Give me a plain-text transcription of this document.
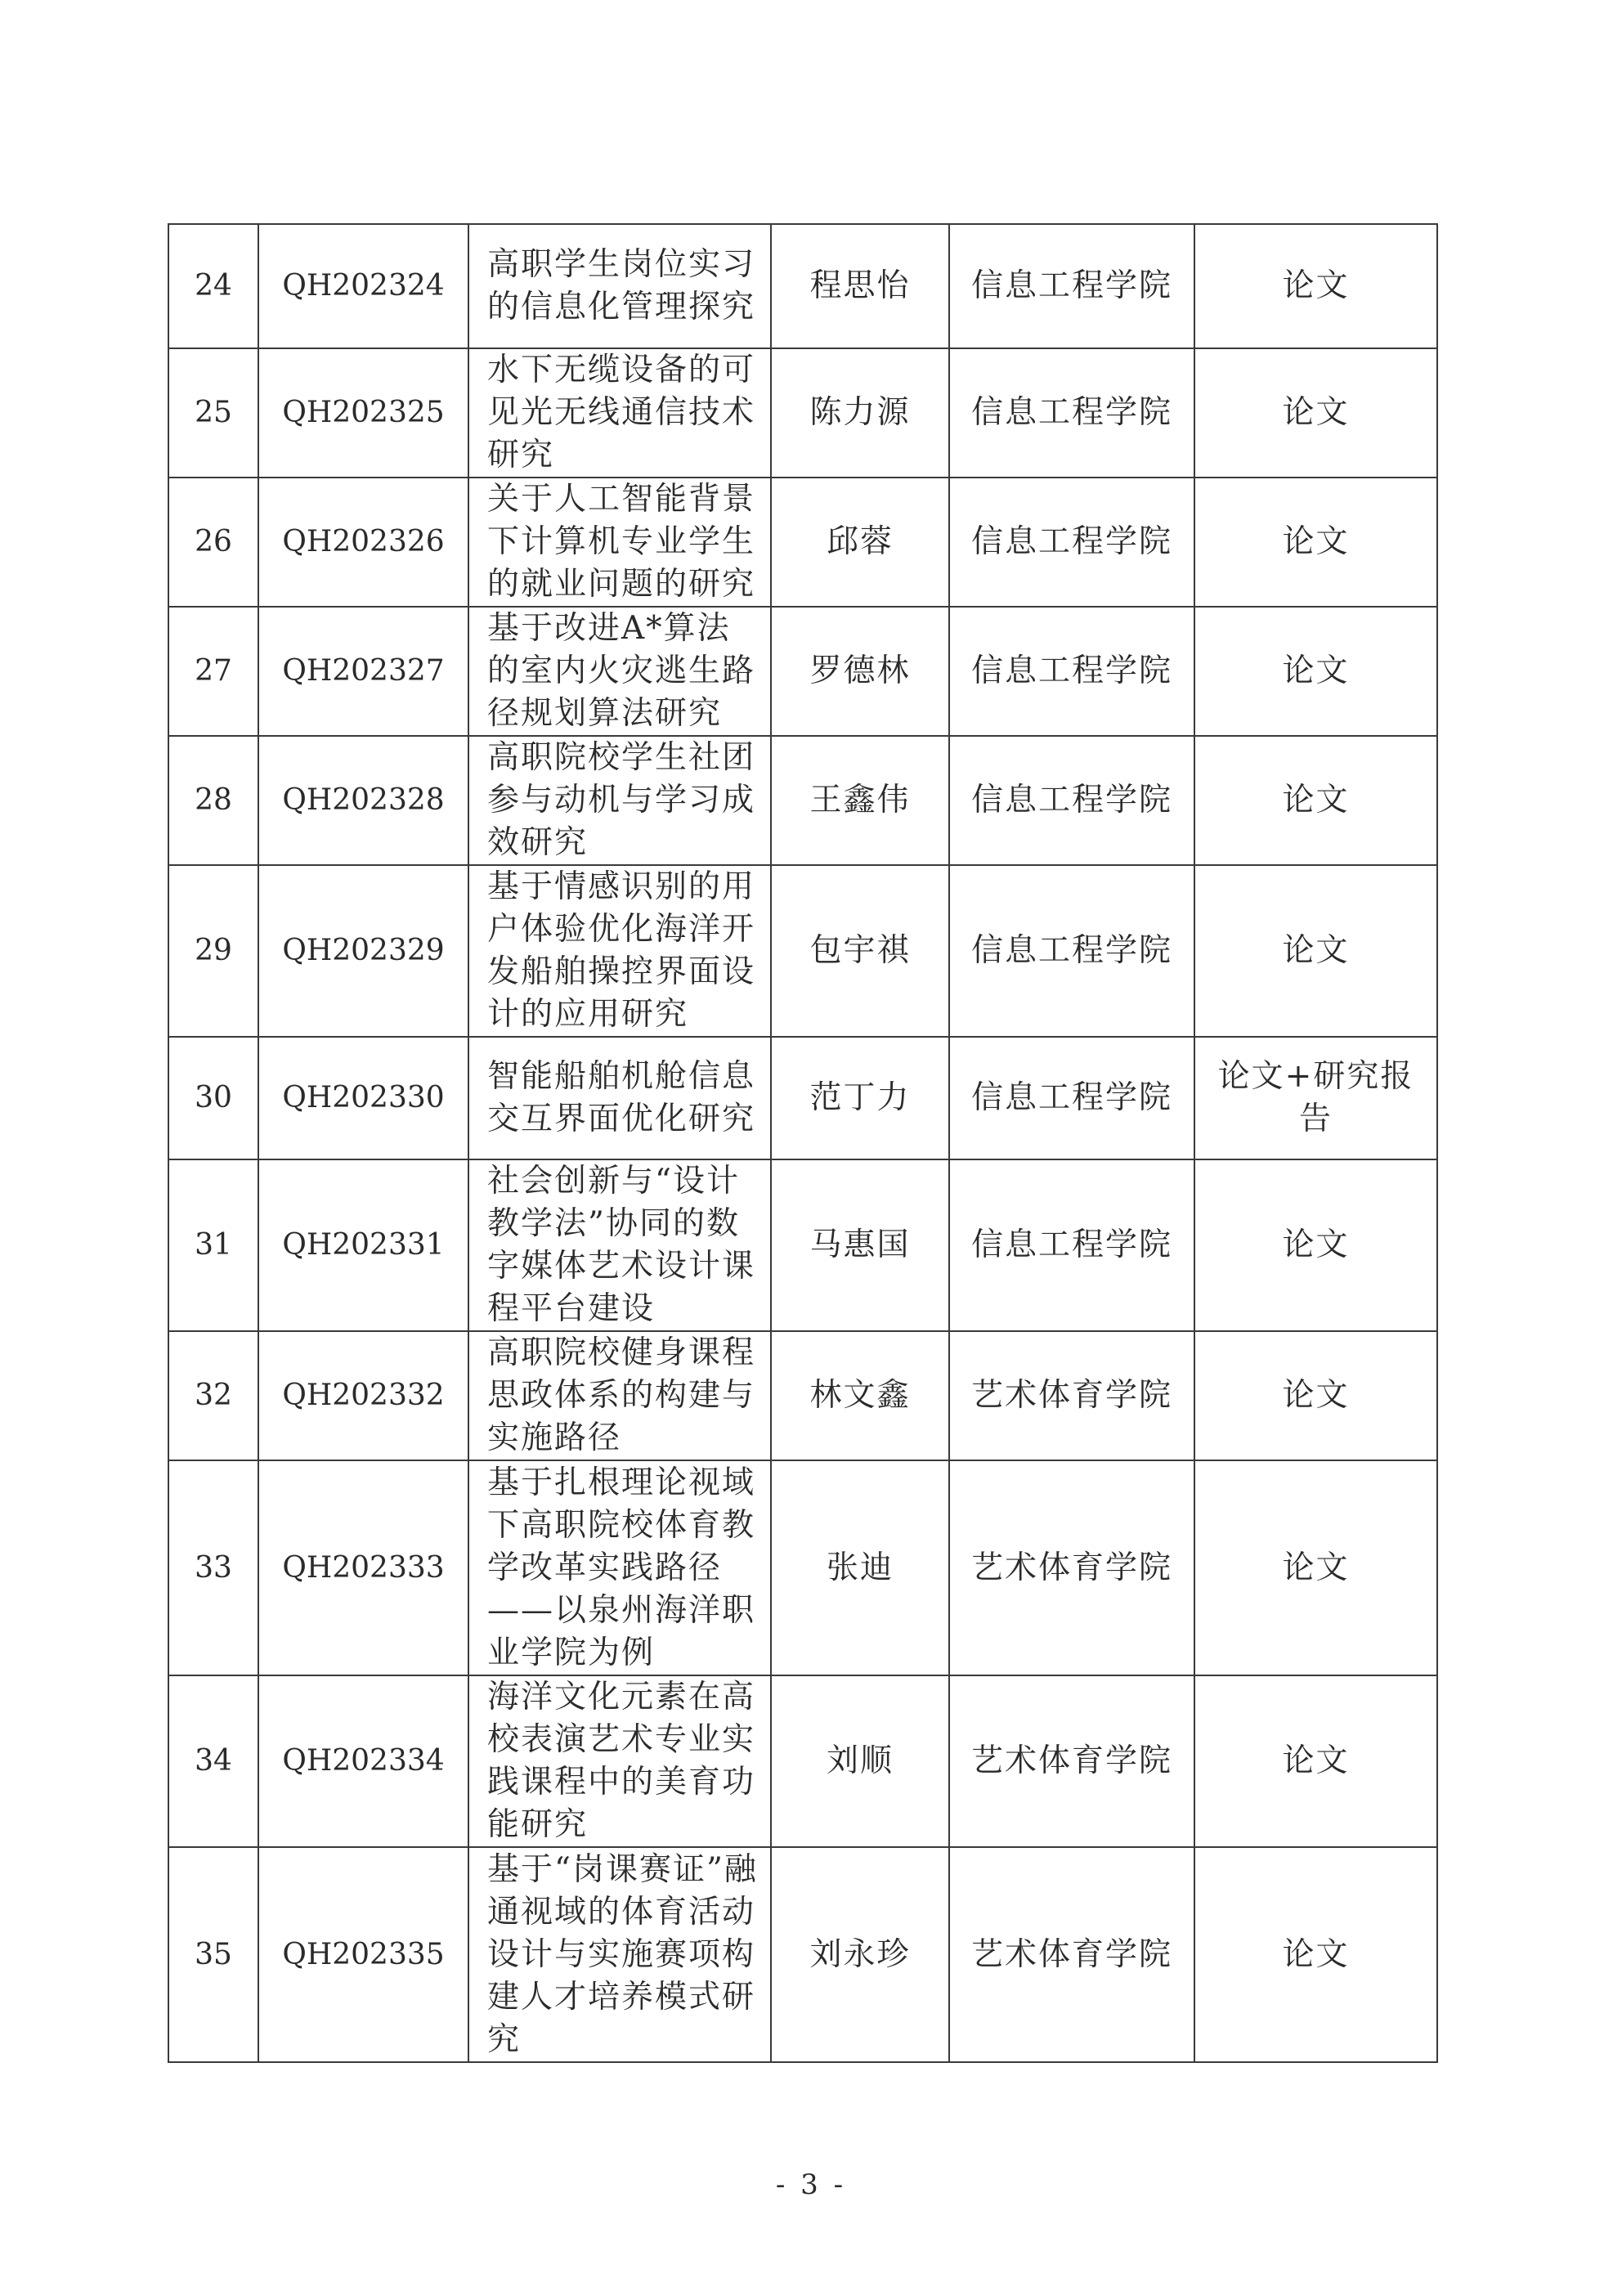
24	QH202324	高职学生岗位实习的信息化管理探究	程思怡	信息工程学院	论文
25	QH202325	水下无缆设备的可见光无线通信技术研究	陈力源	信息工程学院	论文
26	QH202326	关于人工智能背景下计算机专业学生的就业问题的研究	邱蓉	信息工程学院	论文
27	QH202327	基于改进A*算法的室内火灾逃生路径规划算法研究	罗德林	信息工程学院	论文
28	QH202328	高职院校学生社团参与动机与学习成效研究	王鑫伟	信息工程学院	论文
29	QH202329	基于情感识别的用户体验优化海洋开发船舶操控界面设计的应用研究	包宇祺	信息工程学院	论文
30	QH202330	智能船舶机舱信息交互界面优化研究	范丁力	信息工程学院	论文+研究报告
31	QH202331	社会创新与“设计教学法”协同的数字媒体艺术设计课程平台建设	马惠国	信息工程学院	论文
32	QH202332	高职院校健身课程思政体系的构建与实施路径	林文鑫	艺术体育学院	论文
33	QH202333	基于扎根理论视域下高职院校体育教学改革实践路径——以泉州海洋职业学院为例	张迪	艺术体育学院	论文
34	QH202334	海洋文化元素在高校表演艺术专业实践课程中的美育功能研究	刘顺	艺术体育学院	论文
35	QH202335	基于“岗课赛证”融通视域的体育活动设计与实施赛项构建人才培养模式研究	刘永珍	艺术体育学院	论文
- 3 -
